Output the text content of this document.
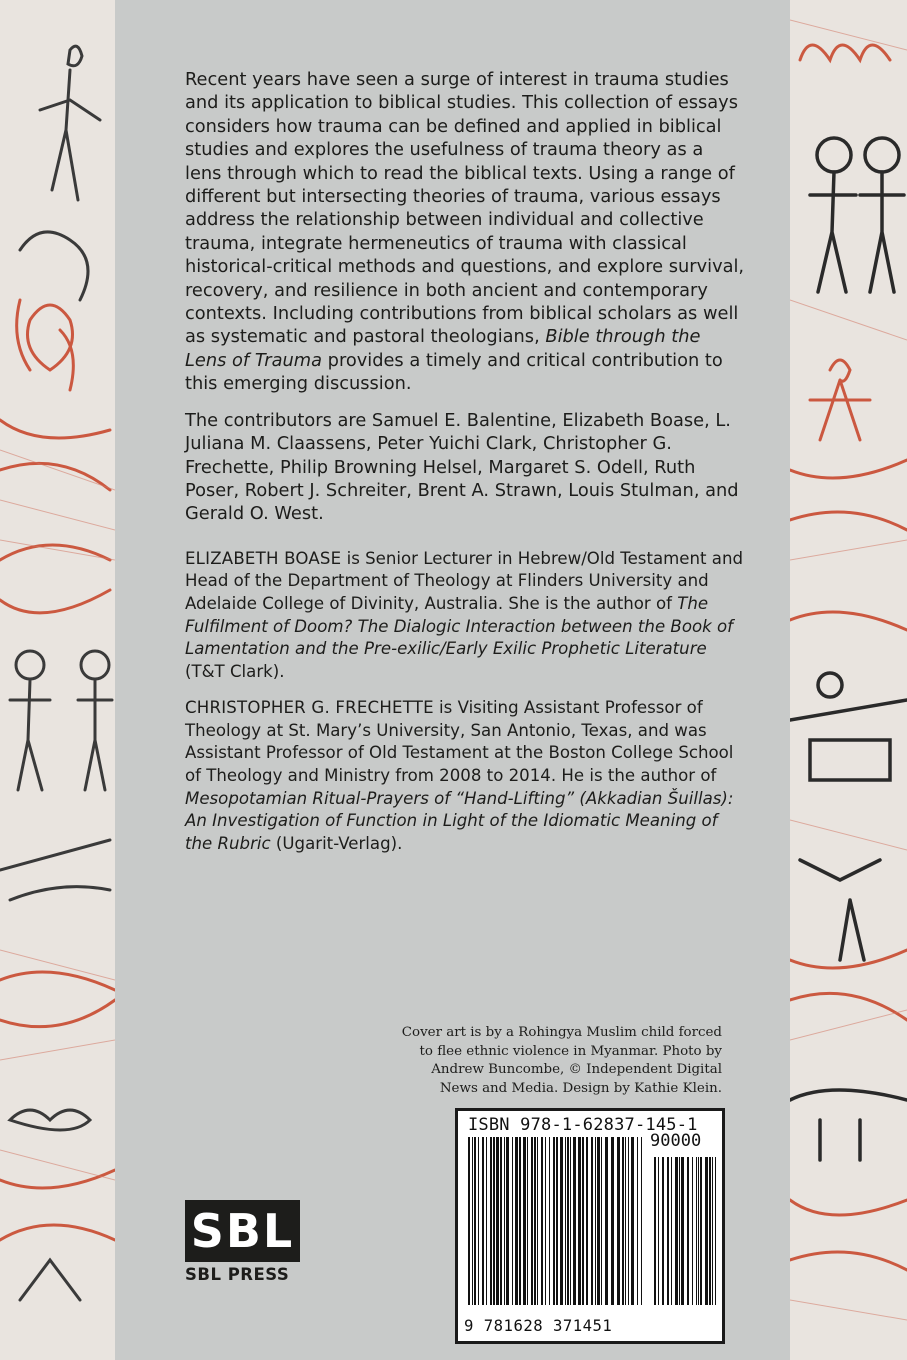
Recent years have seen a surge of interest in trauma studies and its application to biblical studies. This collection of essays considers how trauma can be defined and applied in biblical studies and explores the usefulness of trauma theory as a lens through which to read the biblical texts. Using a range of different but intersecting theories of trauma, various essays address the relationship between individual and collective trauma, integrate hermeneutics of trauma with classical historical-critical methods and questions, and explore survival, recovery, and resilience in both ancient and contemporary contexts. Including contributions from biblical scholars as well as systematic and pastoral theologians, Bible through the Lens of Trauma provides a timely and critical contribution to this emerging discussion.

The contributors are Samuel E. Balentine, Elizabeth Boase, L. Juliana M. Claassens, Peter Yuichi Clark, Christopher G. Frechette, Philip Browning Helsel, Margaret S. Odell, Ruth Poser, Robert J. Schreiter, Brent A. Strawn, Louis Stulman, and Gerald O. West.

ELIZABETH BOASE is Senior Lecturer in Hebrew/Old Testament and Head of the Department of Theology at Flinders University and Adelaide College of Divinity, Australia. She is the author of The Fulfilment of Doom? The Dialogic Interaction between the Book of Lamentation and the Pre-exilic/Early Exilic Prophetic Literature (T&T Clark).

CHRISTOPHER G. FRECHETTE is Visiting Assistant Professor of Theology at St. Mary’s University, San Antonio, Texas, and was Assistant Professor of Old Testament at the Boston College School of Theology and Ministry from 2008 to 2014. He is the author of Mesopotamian Ritual-Prayers of “Hand-Lifting” (Akkadian Šuillas): An Investigation of Function in Light of the Idiomatic Meaning of the Rubric (Ugarit-Verlag).

Cover art is by a Rohingya Muslim child forced
to flee ethnic violence in Myanmar. Photo by
Andrew Buncombe, © Independent Digital
News and Media. Design by Kathie Klein.
ISBN 978-1-62837-145-1
90000
9 781628 371451
SBL
SBL PRESS
